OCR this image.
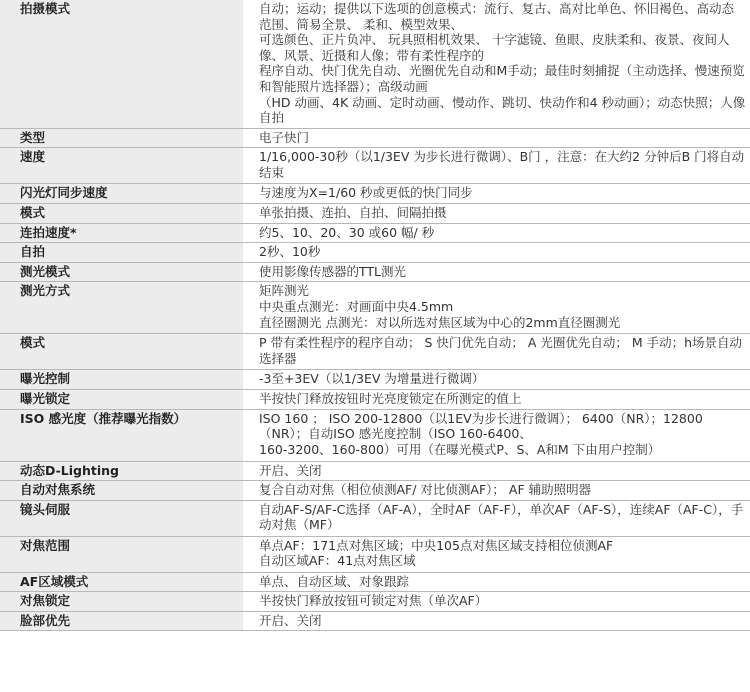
拍摄模式	自动；运动；提供以下选项的创意模式：流行、复古、高对比单色、怀旧褐色、高动态范围、简易全景、 柔和、模型效果、
可选颜色、正片负冲、 玩具照相机效果、 十字滤镜、鱼眼、皮肤柔和、夜景、夜间人像、风景、近摄和人像；带有柔性程序的
程序自动、快门优先自动、光圈优先自动和M手动；最佳时刻捕捉（主动选择、慢速预览和智能照片选择器）；高级动画
（HD 动画、4K 动画、定时动画、慢动作、跳切、快动作和4 秒动画）；动态快照；人像自拍
类型	电子快门
速度	1/16,000-30秒（以1/3EV 为步长进行微调）、B门 ，注意：在大约2 分钟后B 门将自动结束
闪光灯同步速度	与速度为X=1/60 秒或更低的快门同步
模式	单张拍摄、连拍、自拍、间隔拍摄
连拍速度*	约5、10、20、30 或60 幅/ 秒
自拍	2秒、10秒
测光模式	使用影像传感器的TTL测光
测光方式	矩阵测光
中央重点测光：对画面中央4.5mm
直径圈测光 点测光：对以所选对焦区域为中心的2mm直径圈测光
模式	P 带有柔性程序的程序自动； S 快门优先自动； A 光圈优先自动； M 手动；h场景自动选择器
曝光控制	-3至+3EV（以1/3EV 为增量进行微调）
曝光锁定	半按快门释放按钮时光亮度锁定在所测定的值上
ISO 感光度（推荐曝光指数）	ISO 160 ； ISO 200-12800（以1EV为步长进行微调）； 6400（NR）；12800（NR）；自动ISO 感光度控制（ISO 160-6400、
160-3200、160-800）可用（在曝光模式P、S、A和M 下由用户控制）
动态D-Lighting	开启、关闭
自动对焦系统	复合自动对焦（相位侦测AF/ 对比侦测AF）； AF 辅助照明器
镜头伺服	自动AF-S/AF-C选择（AF-A），全时AF（AF-F），单次AF（AF-S），连续AF（AF-C），手动对焦（MF）
对焦范围	单点AF：171点对焦区域；中央105点对焦区域支持相位侦测AF
自动区域AF：41点对焦区域
AF区域模式	单点、自动区域、对象跟踪
对焦锁定	半按快门释放按钮可锁定对焦（单次AF）
脸部优先	开启、关闭
